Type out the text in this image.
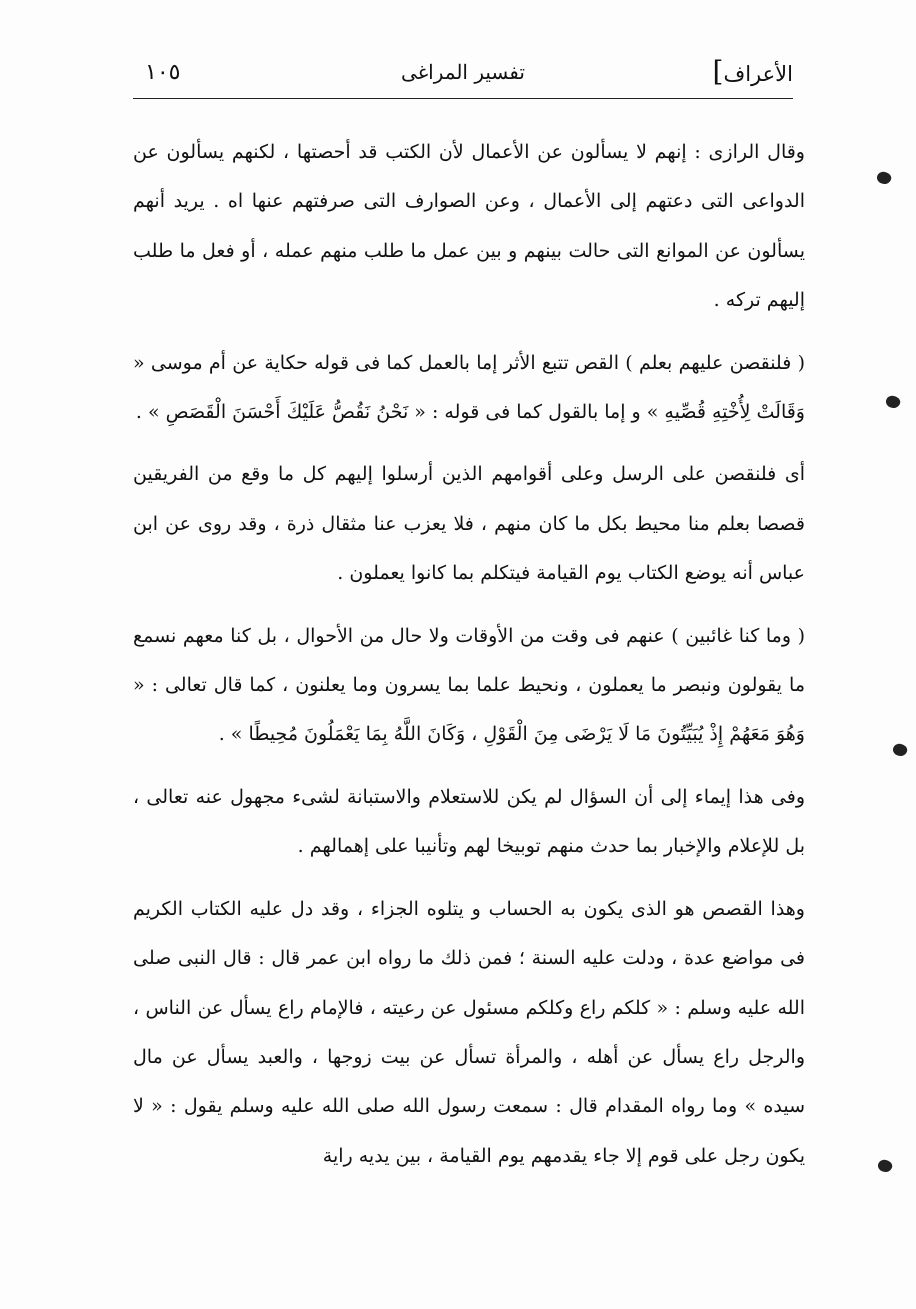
الأعراف]
تفسير المراغى
١٠٥

وقال الرازى : إنهم لا يسألون عن الأعمال لأن الكتب قد أحصتها ، لكنهم يسألون عن الدواعى التى دعتهم إلى الأعمال ، وعن الصوارف التى صرفتهم عنها اه . يريد أنهم يسألون عن الموانع التى حالت بينهم و بين عمل ما طلب منهم عمله ، أو فعل ما طلب إليهم تركه .

( فلنقصن عليهم بعلم ) القص تتبع الأثر إما بالعمل كما فى قوله حكاية عن أم موسى « وَقَالَتْ لِأُخْتِهِ قُصِّيهِ » و إما بالقول كما فى قوله : « نَحْنُ نَقُصُّ عَلَيْكَ أَحْسَنَ الْقَصَصِ » .

أى فلنقصن على الرسل وعلى أقوامهم الذين أرسلوا إليهم كل ما وقع من الفريقين قصصا بعلم منا محيط بكل ما كان منهم ، فلا يعزب عنا مثقال ذرة ، وقد روى عن ابن عباس أنه يوضع الكتاب يوم القيامة فيتكلم بما كانوا يعملون .

( وما كنا غائبين ) عنهم فى وقت من الأوقات ولا حال من الأحوال ، بل كنا معهم نسمع ما يقولون ونبصر ما يعملون ، ونحيط علما بما يسرون وما يعلنون ، كما قال تعالى : « وَهُوَ مَعَهُمْ إِذْ يُبَيِّتُونَ مَا لَا يَرْضَى مِنَ الْقَوْلِ ، وَكَانَ اللَّهُ بِمَا يَعْمَلُونَ مُحِيطًا » .

وفى هذا إيماء إلى أن السؤال لم يكن للاستعلام والاستبانة لشىء مجهول عنه تعالى ، بل للإعلام والإخبار بما حدث منهم توبيخا لهم وتأنيبا على إهمالهم .

وهذا القصص هو الذى يكون به الحساب و يتلوه الجزاء ، وقد دل عليه الكتاب الكريم فى مواضع عدة ، ودلت عليه السنة ؛ فمن ذلك ما رواه ابن عمر قال : قال النبى صلى الله عليه وسلم : « كلكم راع وكلكم مسئول عن رعيته ، فالإمام راع يسأل عن الناس ، والرجل راع يسأل عن أهله ، والمرأة تسأل عن بيت زوجها ، والعبد يسأل عن مال سيده » وما رواه المقدام قال : سمعت رسول الله صلى الله عليه وسلم يقول : « لا يكون رجل على قوم إلا جاء يقدمهم يوم القيامة ، بين يديه راية
